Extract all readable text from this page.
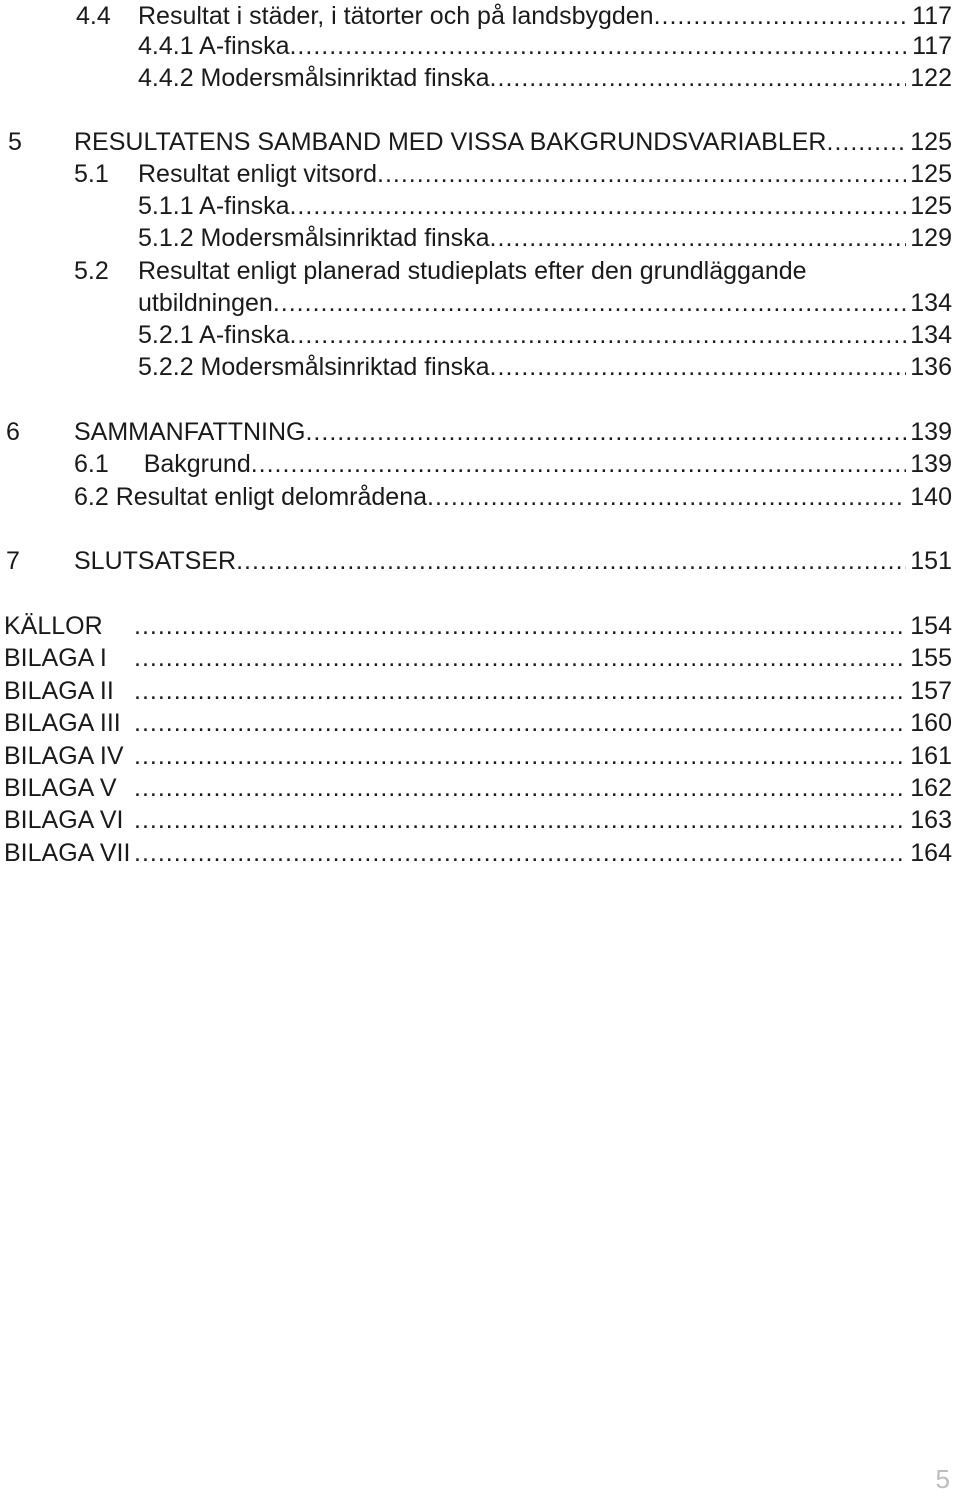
4.4 Resultat i städer, i tätorter och på landsbygden .....	117
4.4.1 A-finska .....	117
4.4.2 Modersmålsinriktad finska .....	122
5 RESULTATENS SAMBAND MED VISSA BAKGRUNDSVARIABLER .....	125
5.1 Resultat enligt vitsord .....	125
5.1.1 A-finska .....	125
5.1.2 Modersmålsinriktad finska .....	129
5.2 Resultat enligt planerad studieplats efter den grundläggande
utbildningen .....	134
5.2.1 A-finska .....	134
5.2.2 Modersmålsinriktad finska .....	136
6 SAMMANFATTNING .....	139
6.1 Bakgrund .....	139
6.2 Resultat enligt delområdena .....	140
7 SLUTSATSER .....	151
KÄLLOR .....	154
BILAGA I .....	155
BILAGA II .....	157
BILAGA III .....	160
BILAGA IV .....	161
BILAGA V .....	162
BILAGA VI .....	163
BILAGA VII .....	164
5
